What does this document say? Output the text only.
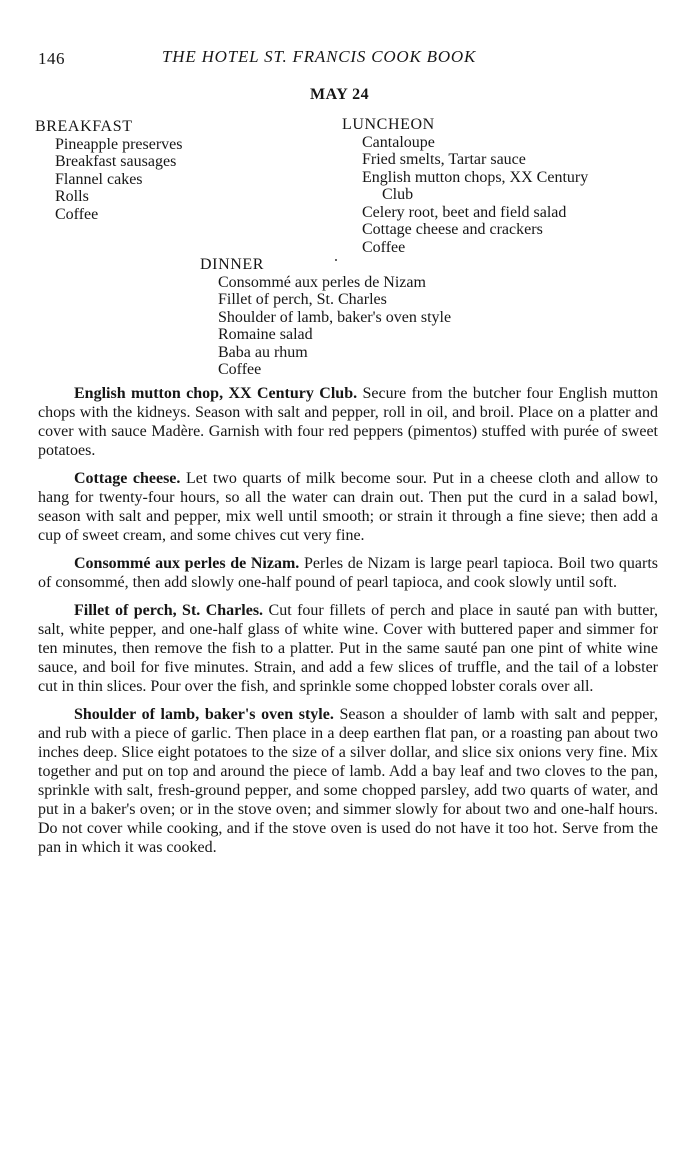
146	THE HOTEL ST. FRANCIS COOK BOOK
MAY 24
BREAKFAST
Pineapple preserves
Breakfast sausages
Flannel cakes
Rolls
Coffee
LUNCHEON
Cantaloupe
Fried smelts, Tartar sauce
English mutton chops, XX Century
Club
Celery root, beet and field salad
Cottage cheese and crackers
Coffee
DINNER
Consommé aux perles de Nizam
Fillet of perch, St. Charles
Shoulder of lamb, baker's oven style
Romaine salad
Baba au rhum
Coffee

English mutton chop, XX Century Club. Secure from the butcher four English mutton chops with the kidneys. Season with salt and pepper, roll in oil, and broil. Place on a platter and cover with sauce Madère. Garnish with four red peppers (pimentos) stuffed with purée of sweet potatoes.

Cottage cheese. Let two quarts of milk become sour. Put in a cheese cloth and allow to hang for twenty-four hours, so all the water can drain out. Then put the curd in a salad bowl, season with salt and pepper, mix well until smooth; or strain it through a fine sieve; then add a cup of sweet cream, and some chives cut very fine.

Consommé aux perles de Nizam. Perles de Nizam is large pearl tapioca. Boil two quarts of consommé, then add slowly one-half pound of pearl tapioca, and cook slowly until soft.

Fillet of perch, St. Charles. Cut four fillets of perch and place in sauté pan with butter, salt, white pepper, and one-half glass of white wine. Cover with buttered paper and simmer for ten minutes, then remove the fish to a platter. Put in the same sauté pan one pint of white wine sauce, and boil for five minutes. Strain, and add a few slices of truffle, and the tail of a lobster cut in thin slices. Pour over the fish, and sprinkle some chopped lobster corals over all.

Shoulder of lamb, baker's oven style. Season a shoulder of lamb with salt and pepper, and rub with a piece of garlic. Then place in a deep earthen flat pan, or a roasting pan about two inches deep. Slice eight potatoes to the size of a silver dollar, and slice six onions very fine. Mix together and put on top and around the piece of lamb. Add a bay leaf and two cloves to the pan, sprinkle with salt, fresh-ground pepper, and some chopped parsley, add two quarts of water, and put in a baker's oven; or in the stove oven; and simmer slowly for about two and one-half hours. Do not cover while cooking, and if the stove oven is used do not have it too hot. Serve from the pan in which it was cooked.
